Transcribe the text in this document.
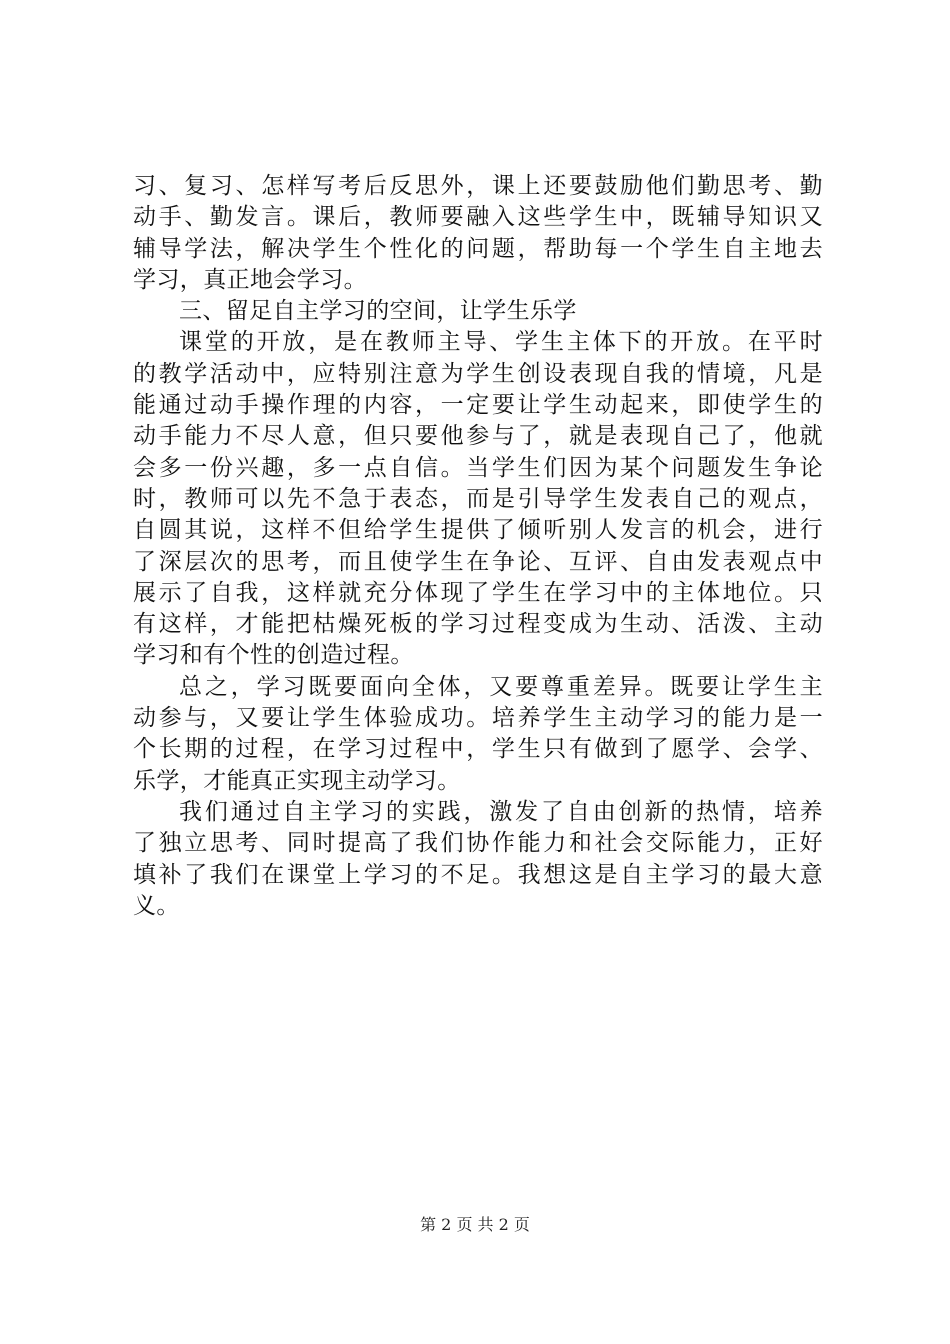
习、复习、怎样写考后反思外，课上还要鼓励他们勤思考、勤
动手、勤发言。课后，教师要融入这些学生中，既辅导知识又
辅导学法，解决学生个性化的问题，帮助每一个学生自主地去
学习，真正地会学习。
三、留足自主学习的空间，让学生乐学
课堂的开放，是在教师主导、学生主体下的开放。在平时
的教学活动中，应特别注意为学生创设表现自我的情境，凡是
能通过动手操作理的内容，一定要让学生动起来，即使学生的
动手能力不尽人意，但只要他参与了，就是表现自己了，他就
会多一份兴趣，多一点自信。当学生们因为某个问题发生争论
时，教师可以先不急于表态，而是引导学生发表自己的观点，
自圆其说，这样不但给学生提供了倾听别人发言的机会，进行
了深层次的思考，而且使学生在争论、互评、自由发表观点中
展示了自我，这样就充分体现了学生在学习中的主体地位。只
有这样，才能把枯燥死板的学习过程变成为生动、活泼、主动
学习和有个性的创造过程。
总之，学习既要面向全体，又要尊重差异。既要让学生主
动参与，又要让学生体验成功。培养学生主动学习的能力是一
个长期的过程，在学习过程中，学生只有做到了愿学、会学、
乐学，才能真正实现主动学习。
我们通过自主学习的实践，激发了自由创新的热情，培养
了独立思考、同时提高了我们协作能力和社会交际能力，正好
填补了我们在课堂上学习的不足。我想这是自主学习的最大意
义。
第 2 页 共 2 页
